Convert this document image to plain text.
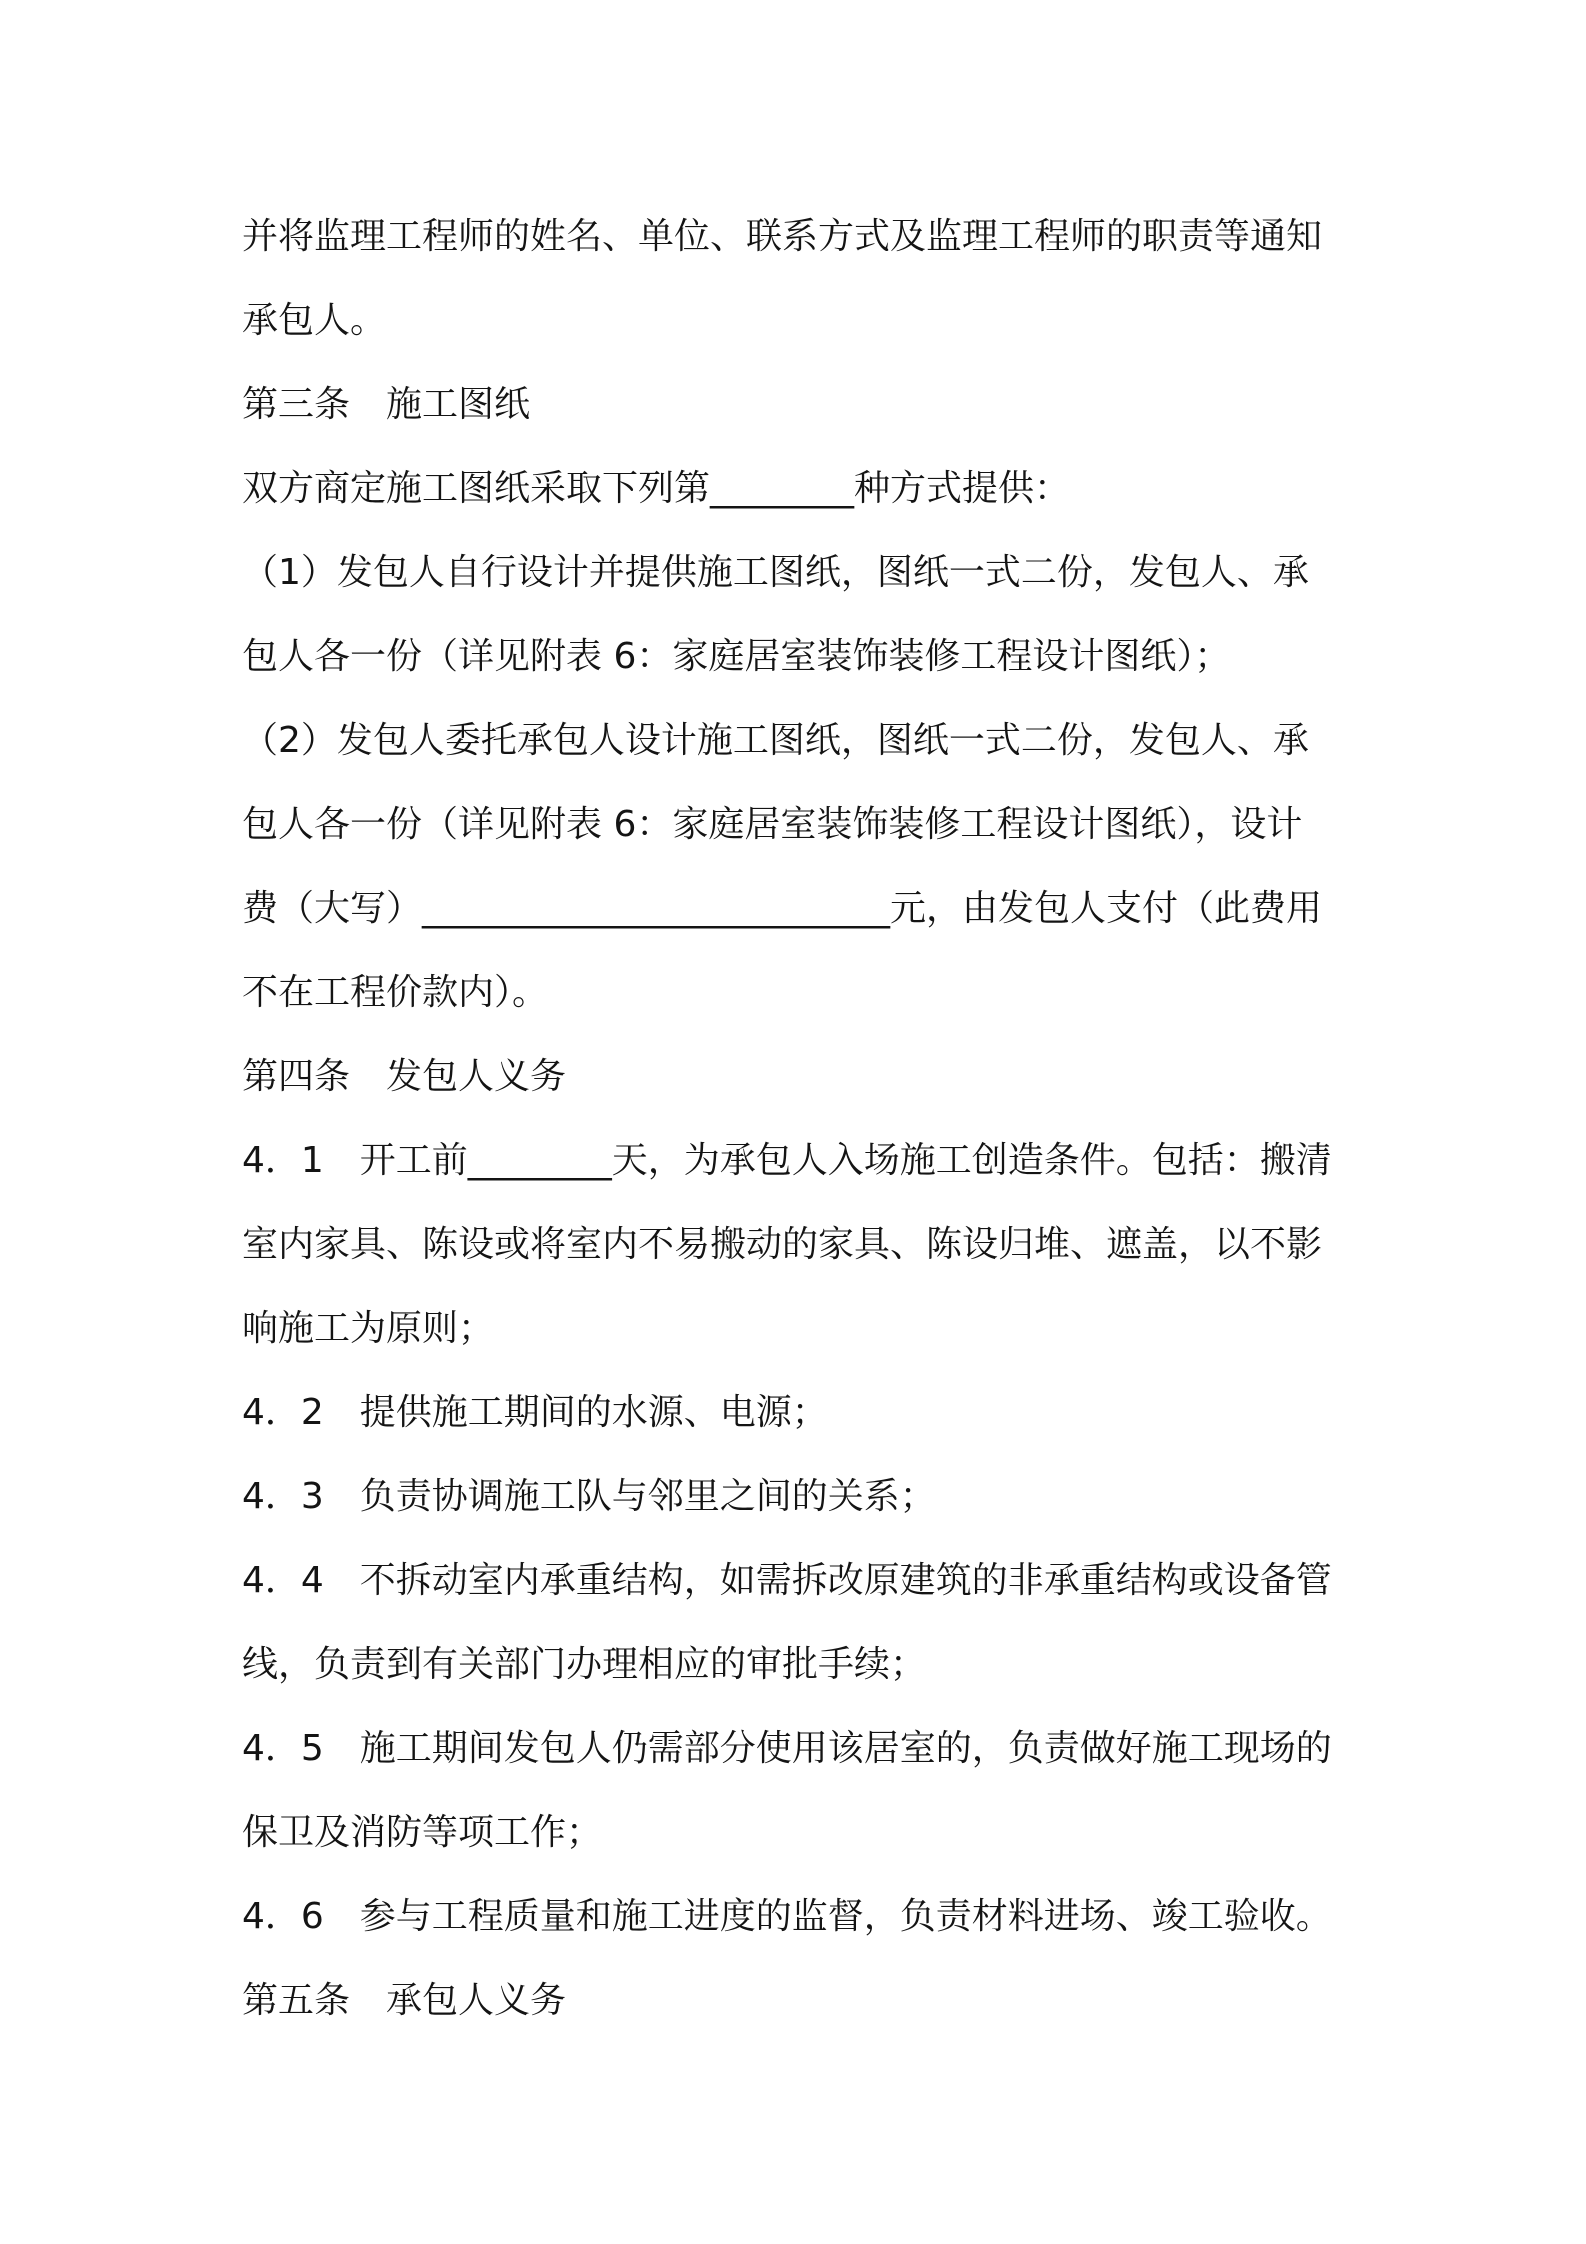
并将监理工程师的姓名、单位、联系方式及监理工程师的职责等通知
承包人。
第三条　施工图纸
双方商定施工图纸采取下列第________种方式提供：
（1）发包人自行设计并提供施工图纸，图纸一式二份，发包人、承
包人各一份（详见附表 6：家庭居室装饰装修工程设计图纸）；
（2）发包人委托承包人设计施工图纸，图纸一式二份，发包人、承
包人各一份（详见附表 6：家庭居室装饰装修工程设计图纸），设计
费（大写）__________________________元，由发包人支付（此费用
不在工程价款内）。
第四条　发包人义务
4．1　开工前________天，为承包人入场施工创造条件。包括：搬清
室内家具、陈设或将室内不易搬动的家具、陈设归堆、遮盖，以不影
响施工为原则；
4．2　提供施工期间的水源、电源；
4．3　负责协调施工队与邻里之间的关系；
4．4　不拆动室内承重结构，如需拆改原建筑的非承重结构或设备管
线，负责到有关部门办理相应的审批手续；
4．5　施工期间发包人仍需部分使用该居室的，负责做好施工现场的
保卫及消防等项工作；
4．6　参与工程质量和施工进度的监督，负责材料进场、竣工验收。
第五条　承包人义务
